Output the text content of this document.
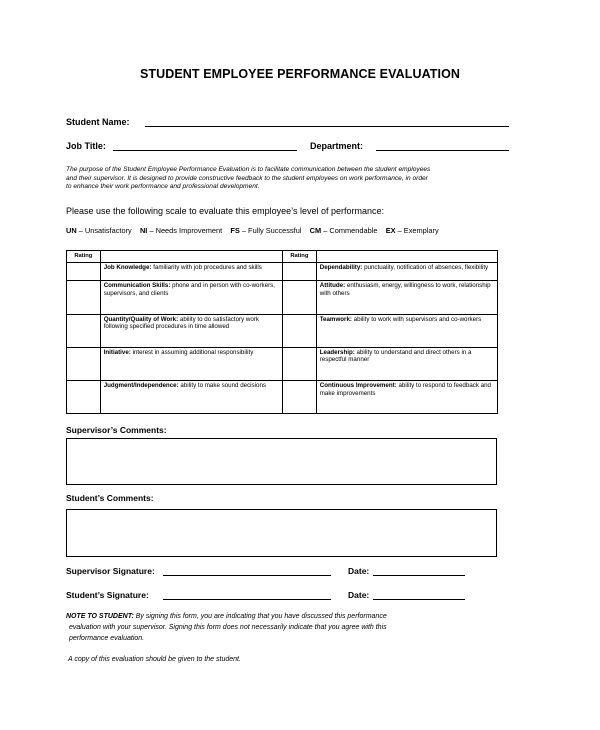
STUDENT EMPLOYEE PERFORMANCE EVALUATION
Student Name:
Job Title:	Department:
The purpose of the Student Employee Performance Evaluation is to facilitate communication between the student employees
and their supervisor. It is designed to provide constructive feedback to the student employees on work performance, in order
to enhance their work performance and professional development.
Please use the following scale to evaluate this employee’s level of performance:
UN – Unsatisfactory NI – Needs Improvement FS – Fully Successful CM – Commendable EX – Exemplary
Rating		Rating	
	Job Knowledge: familiarity with job procedures and skills		Dependability: punctuality, notification of absences, flexibility
	Communication Skills: phone and in person with co-workers, supervisors, and clients		Attitude: enthusiasm, energy, willingness to work, relationship with others
	Quantity/Quality of Work: ability to do satisfactory work following specified procedures in time allowed		Teamwork: ability to work with supervisors and co-workers
	Initiative: interest in assuming additional responsibility		Leadership: ability to understand and direct others in a respectful manner
	Judgment/Independence: ability to make sound decisions		Continuous Improvement: ability to respond to feedback and make improvements
Supervisor’s Comments:
Student’s Comments:
Supervisor Signature:	Date:
Student’s Signature:	Date:
NOTE TO STUDENT: By signing this form, you are indicating that you have discussed this performance
evaluation with your supervisor. Signing this form does not necessarily indicate that you agree with this
performance evaluation.
A copy of this evaluation should be given to the student.
